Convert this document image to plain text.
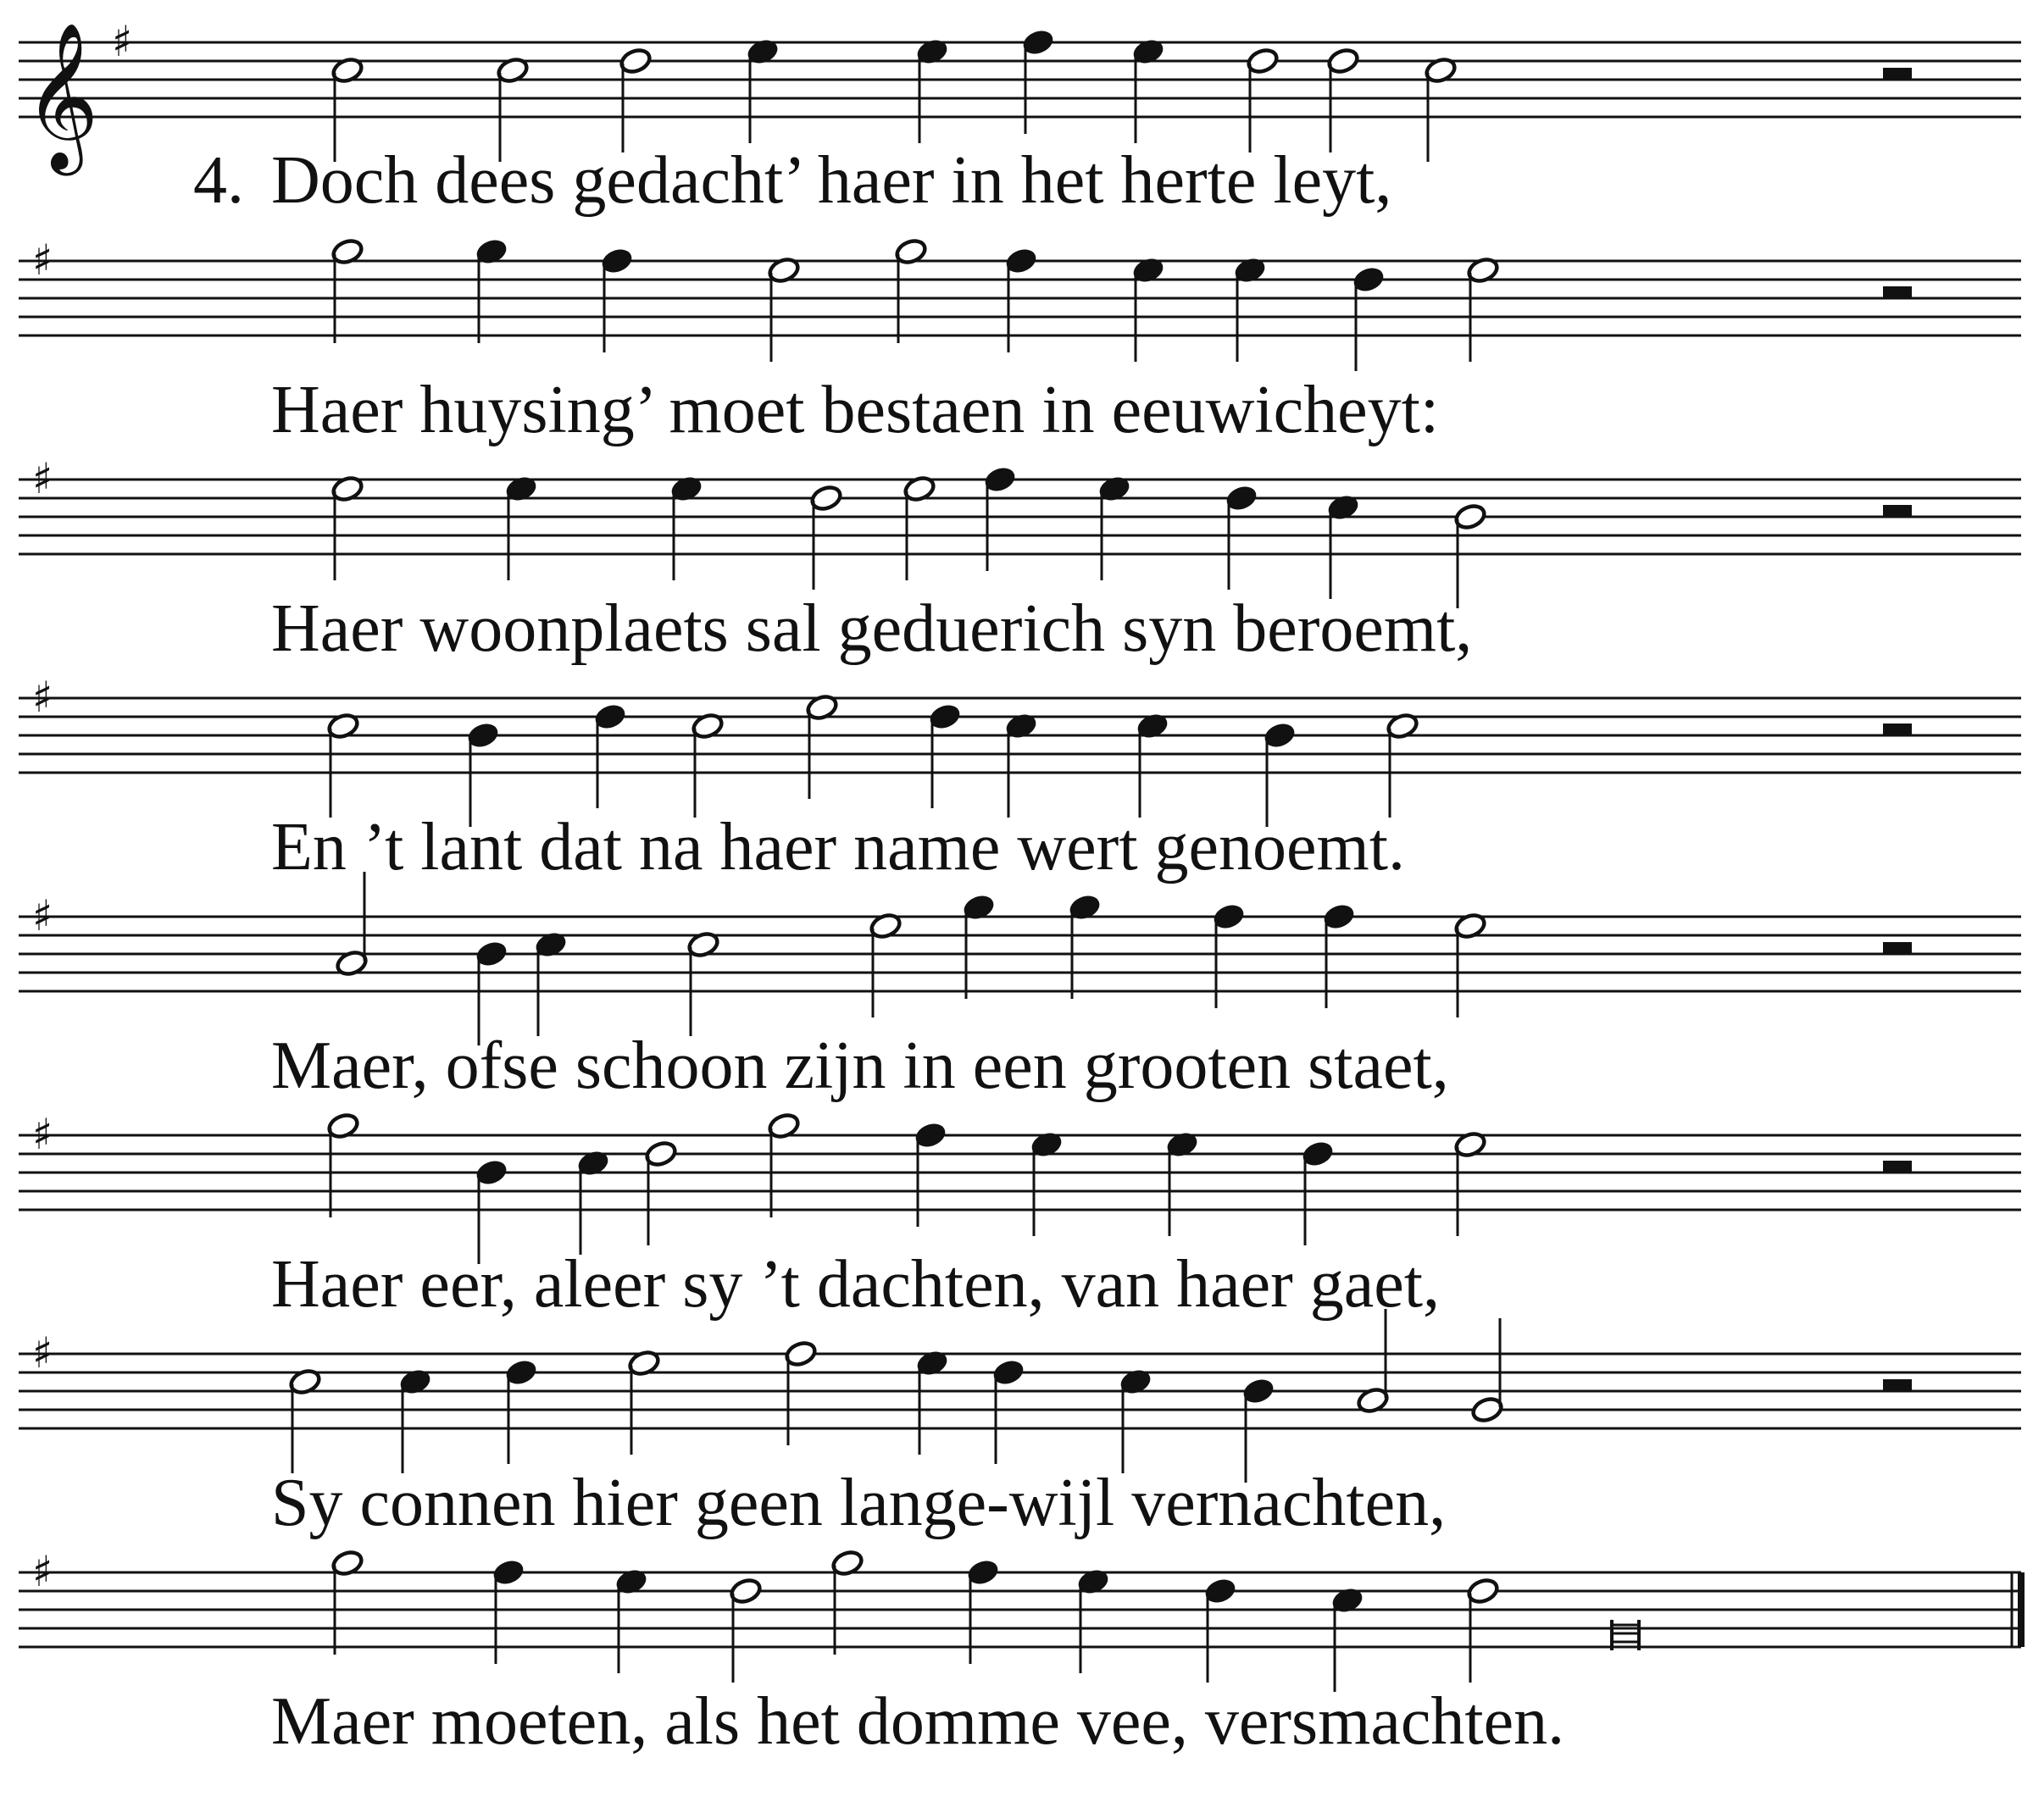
𝄞 ♯
♯
♯
♯
♯
♯
♯
♯
Doch dees gedacht’ haer in het herte leyt,
4.
Haer huysing’ moet bestaen in eeuwicheyt:
Haer woonplaets sal geduerich syn beroemt,
En ’t lant dat na haer name wert genoemt.
Maer, ofse schoon zijn in een grooten staet,
Haer eer, aleer sy ’t dachten, van haer gaet,
Sy connen hier geen lange-wijl vernachten,
Maer moeten, als het domme vee, versmachten.
